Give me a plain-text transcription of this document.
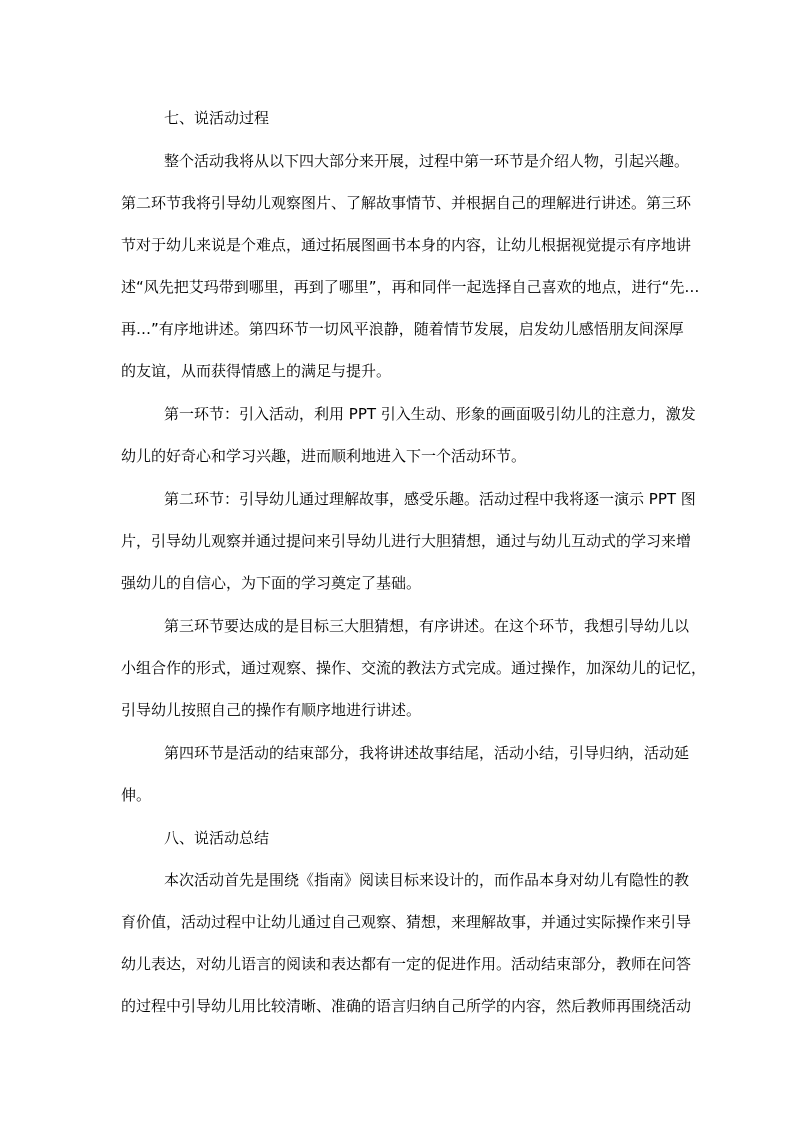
七、说活动过程

整个活动我将从以下四大部分来开展，过程中第一环节是介绍人物，引起兴趣。

第二环节我将引导幼儿观察图片、了解故事情节、并根据自己的理解进行讲述。第三环

节对于幼儿来说是个难点，通过拓展图画书本身的内容，让幼儿根据视觉提示有序地讲

述“风先把艾玛带到哪里，再到了哪里”，再和同伴一起选择自己喜欢的地点，进行“先…

再…”有序地讲述。第四环节一切风平浪静，随着情节发展，启发幼儿感悟朋友间深厚

的友谊，从而获得情感上的满足与提升。

第一环节：引入活动，利用 PPT 引入生动、形象的画面吸引幼儿的注意力，激发

幼儿的好奇心和学习兴趣，进而顺利地进入下一个活动环节。

第二环节：引导幼儿通过理解故事，感受乐趣。活动过程中我将逐一演示 PPT 图

片，引导幼儿观察并通过提问来引导幼儿进行大胆猜想，通过与幼儿互动式的学习来增

强幼儿的自信心，为下面的学习奠定了基础。

第三环节要达成的是目标三大胆猜想，有序讲述。在这个环节，我想引导幼儿以

小组合作的形式，通过观察、操作、交流的教法方式完成。通过操作，加深幼儿的记忆，

引导幼儿按照自己的操作有顺序地进行讲述。

第四环节是活动的结束部分，我将讲述故事结尾，活动小结，引导归纳，活动延

伸。

八、说活动总结

本次活动首先是围绕《指南》阅读目标来设计的，而作品本身对幼儿有隐性的教

育价值，活动过程中让幼儿通过自己观察、猜想，来理解故事，并通过实际操作来引导

幼儿表达，对幼儿语言的阅读和表达都有一定的促进作用。活动结束部分，教师在问答

的过程中引导幼儿用比较清晰、准确的语言归纳自己所学的内容，然后教师再围绕活动
